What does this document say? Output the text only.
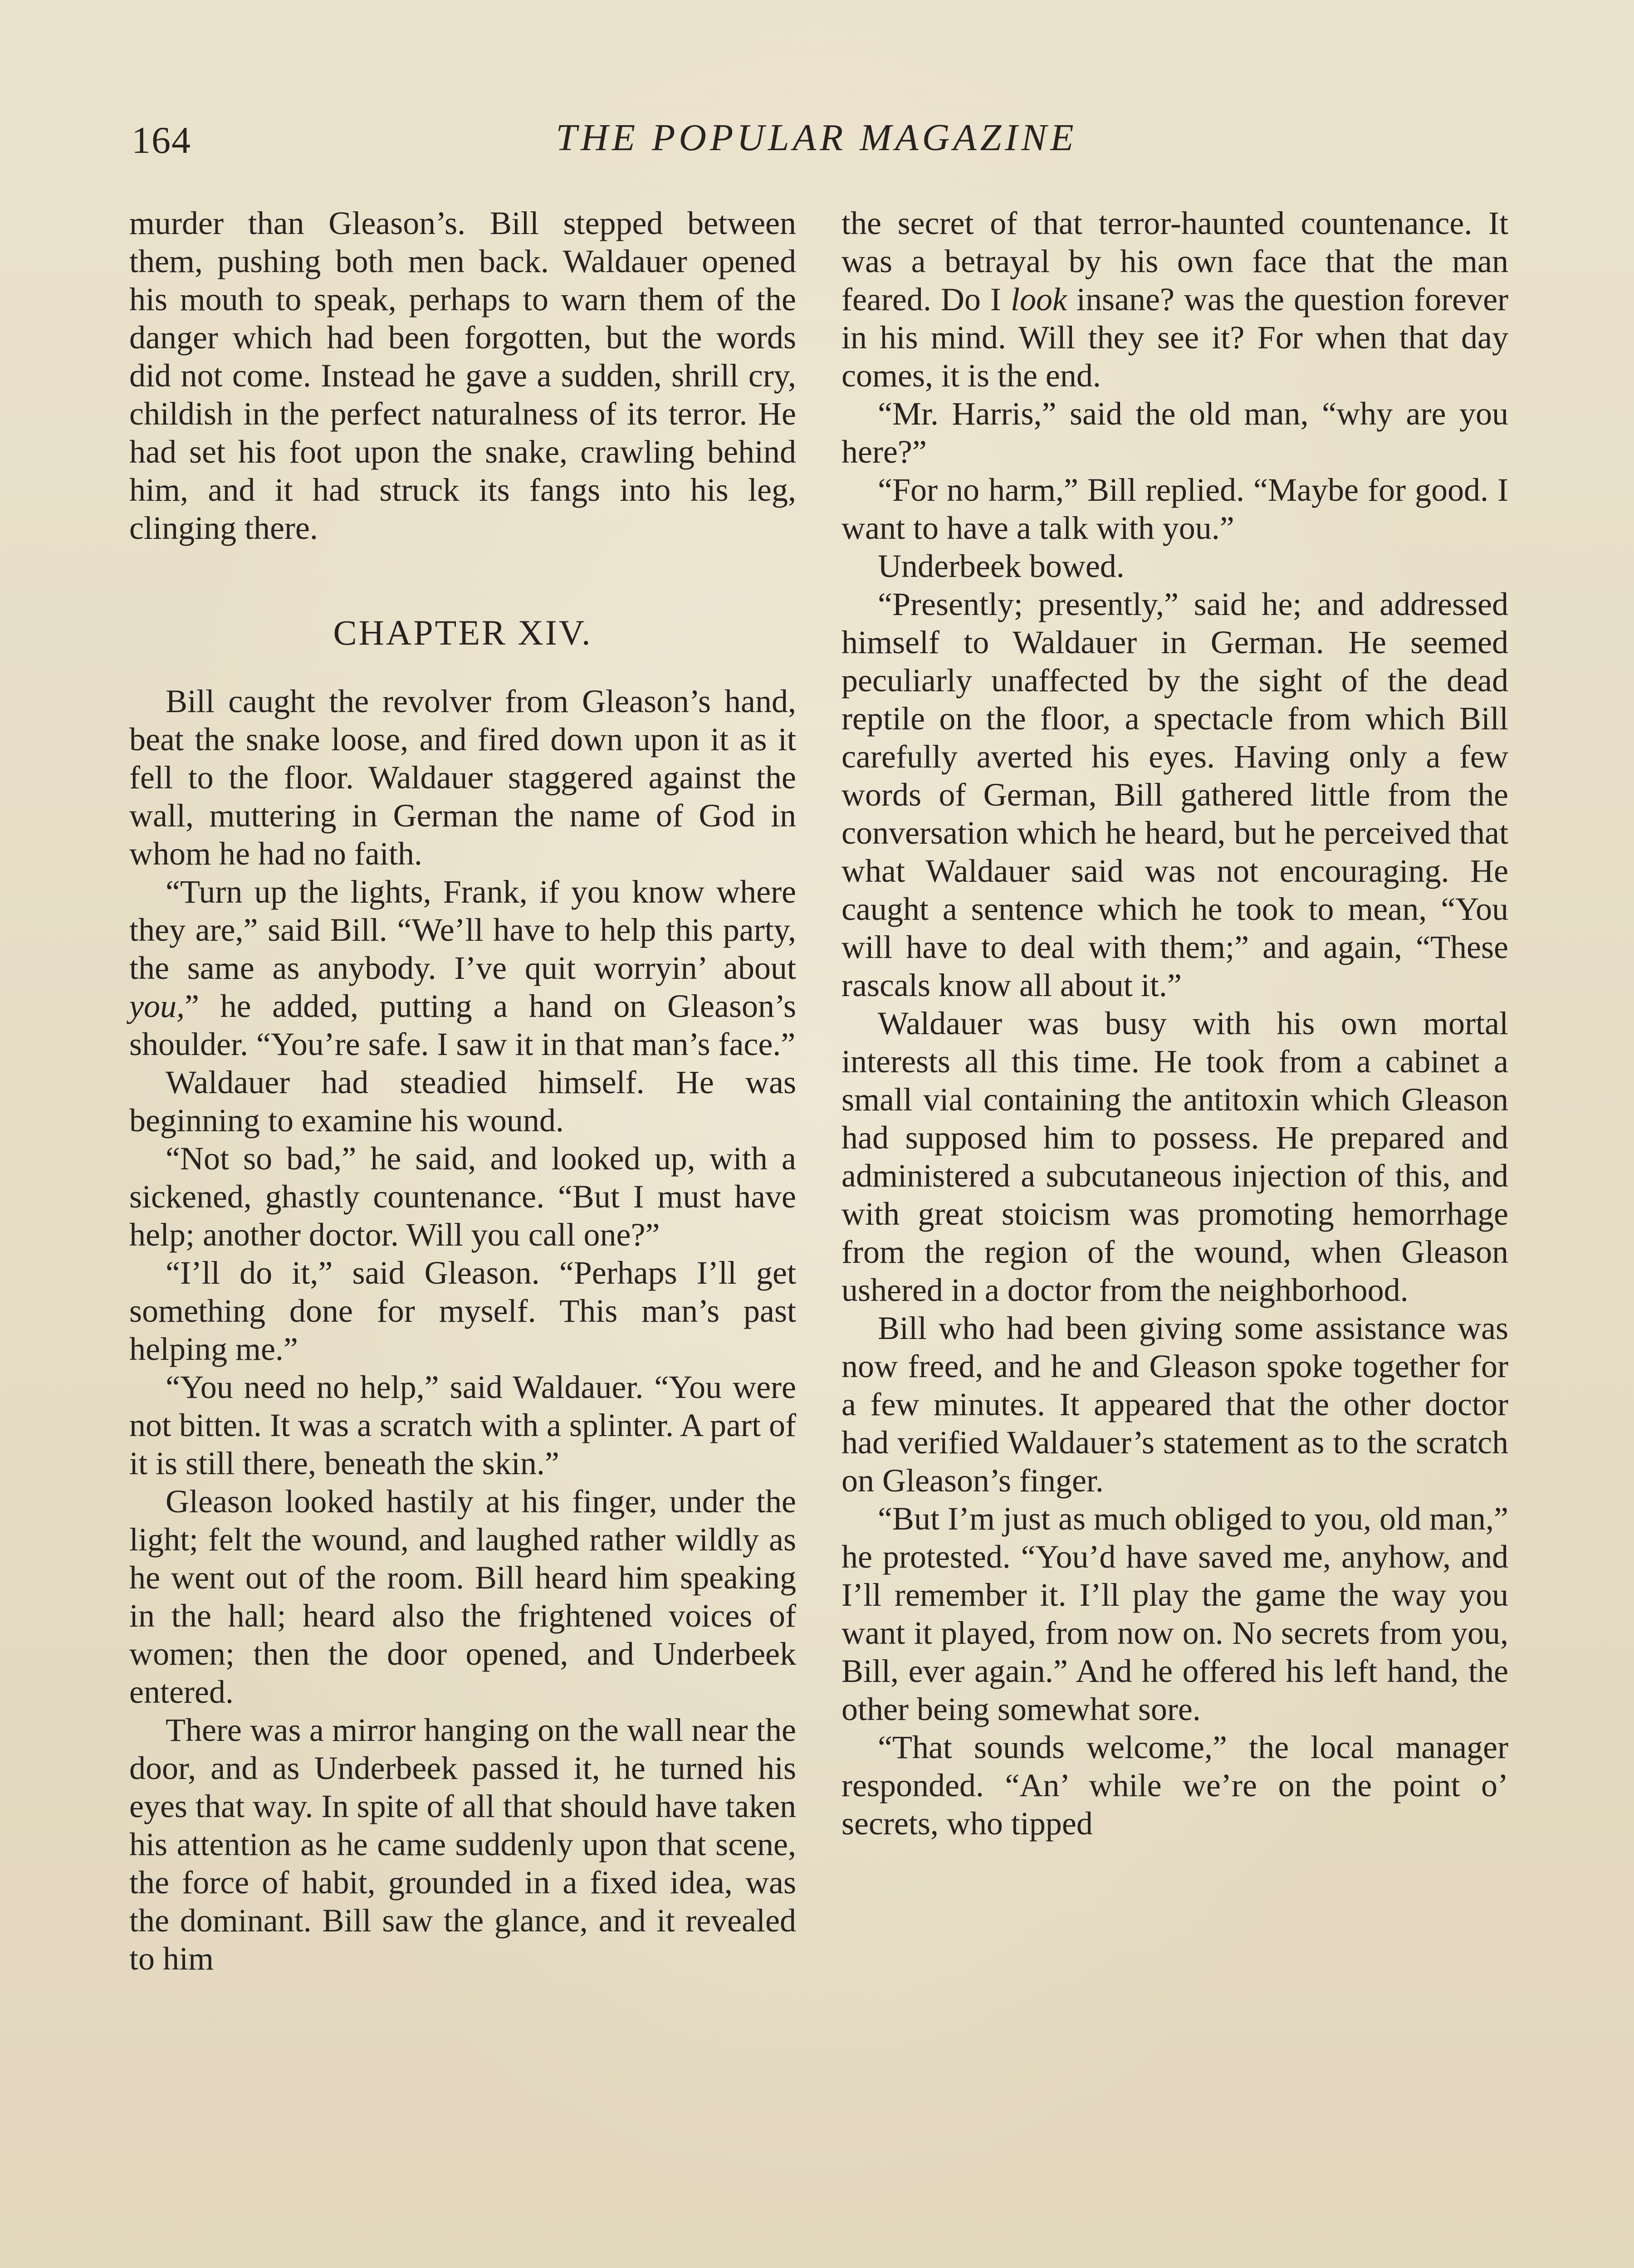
164	THE POPULAR MAGAZINE

murder than Gleason’s. Bill stepped between them, pushing both men back. Waldauer opened his mouth to speak, perhaps to warn them of the danger which had been forgotten, but the words did not come. Instead he gave a sudden, shrill cry, childish in the perfect naturalness of its terror. He had set his foot upon the snake, crawling behind him, and it had struck its fangs into his leg, clinging there.

CHAPTER XIV.

Bill caught the revolver from Gleason’s hand, beat the snake loose, and fired down upon it as it fell to the floor. Waldauer staggered against the wall, muttering in German the name of God in whom he had no faith.

“Turn up the lights, Frank, if you know where they are,” said Bill. “We’ll have to help this party, the same as anybody. I’ve quit worryin’ about you,” he added, putting a hand on Gleason’s shoulder. “You’re safe. I saw it in that man’s face.”

Waldauer had steadied himself. He was beginning to examine his wound.

“Not so bad,” he said, and looked up, with a sickened, ghastly countenance. “But I must have help; another doctor. Will you call one?”

“I’ll do it,” said Gleason. “Perhaps I’ll get something done for myself. This man’s past helping me.”

“You need no help,” said Waldauer. “You were not bitten. It was a scratch with a splinter. A part of it is still there, beneath the skin.”

Gleason looked hastily at his finger, under the light; felt the wound, and laughed rather wildly as he went out of the room. Bill heard him speaking in the hall; heard also the frightened voices of women; then the door opened, and Underbeek entered.

There was a mirror hanging on the wall near the door, and as Underbeek passed it, he turned his eyes that way. In spite of all that should have taken his attention as he came suddenly upon that scene, the force of habit, grounded in a fixed idea, was the dominant. Bill saw the glance, and it revealed to him

the secret of that terror-haunted countenance. It was a betrayal by his own face that the man feared. Do I look insane? was the question forever in his mind. Will they see it? For when that day comes, it is the end.

“Mr. Harris,” said the old man, “why are you here?”

“For no harm,” Bill replied. “Maybe for good. I want to have a talk with you.”

Underbeek bowed.

“Presently; presently,” said he; and addressed himself to Waldauer in German. He seemed peculiarly unaffected by the sight of the dead reptile on the floor, a spectacle from which Bill carefully averted his eyes. Having only a few words of German, Bill gathered little from the conversation which he heard, but he perceived that what Waldauer said was not encouraging. He caught a sentence which he took to mean, “You will have to deal with them;” and again, “These rascals know all about it.”

Waldauer was busy with his own mortal interests all this time. He took from a cabinet a small vial containing the antitoxin which Gleason had supposed him to possess. He prepared and administered a subcutaneous injection of this, and with great stoicism was promoting hemorrhage from the region of the wound, when Gleason ushered in a doctor from the neighborhood.

Bill who had been giving some assistance was now freed, and he and Gleason spoke together for a few minutes. It appeared that the other doctor had verified Waldauer’s statement as to the scratch on Gleason’s finger.

“But I’m just as much obliged to you, old man,” he protested. “You’d have saved me, anyhow, and I’ll remember it. I’ll play the game the way you want it played, from now on. No secrets from you, Bill, ever again.” And he offered his left hand, the other being somewhat sore.

“That sounds welcome,” the local manager responded. “An’ while we’re on the point o’ secrets, who tipped
